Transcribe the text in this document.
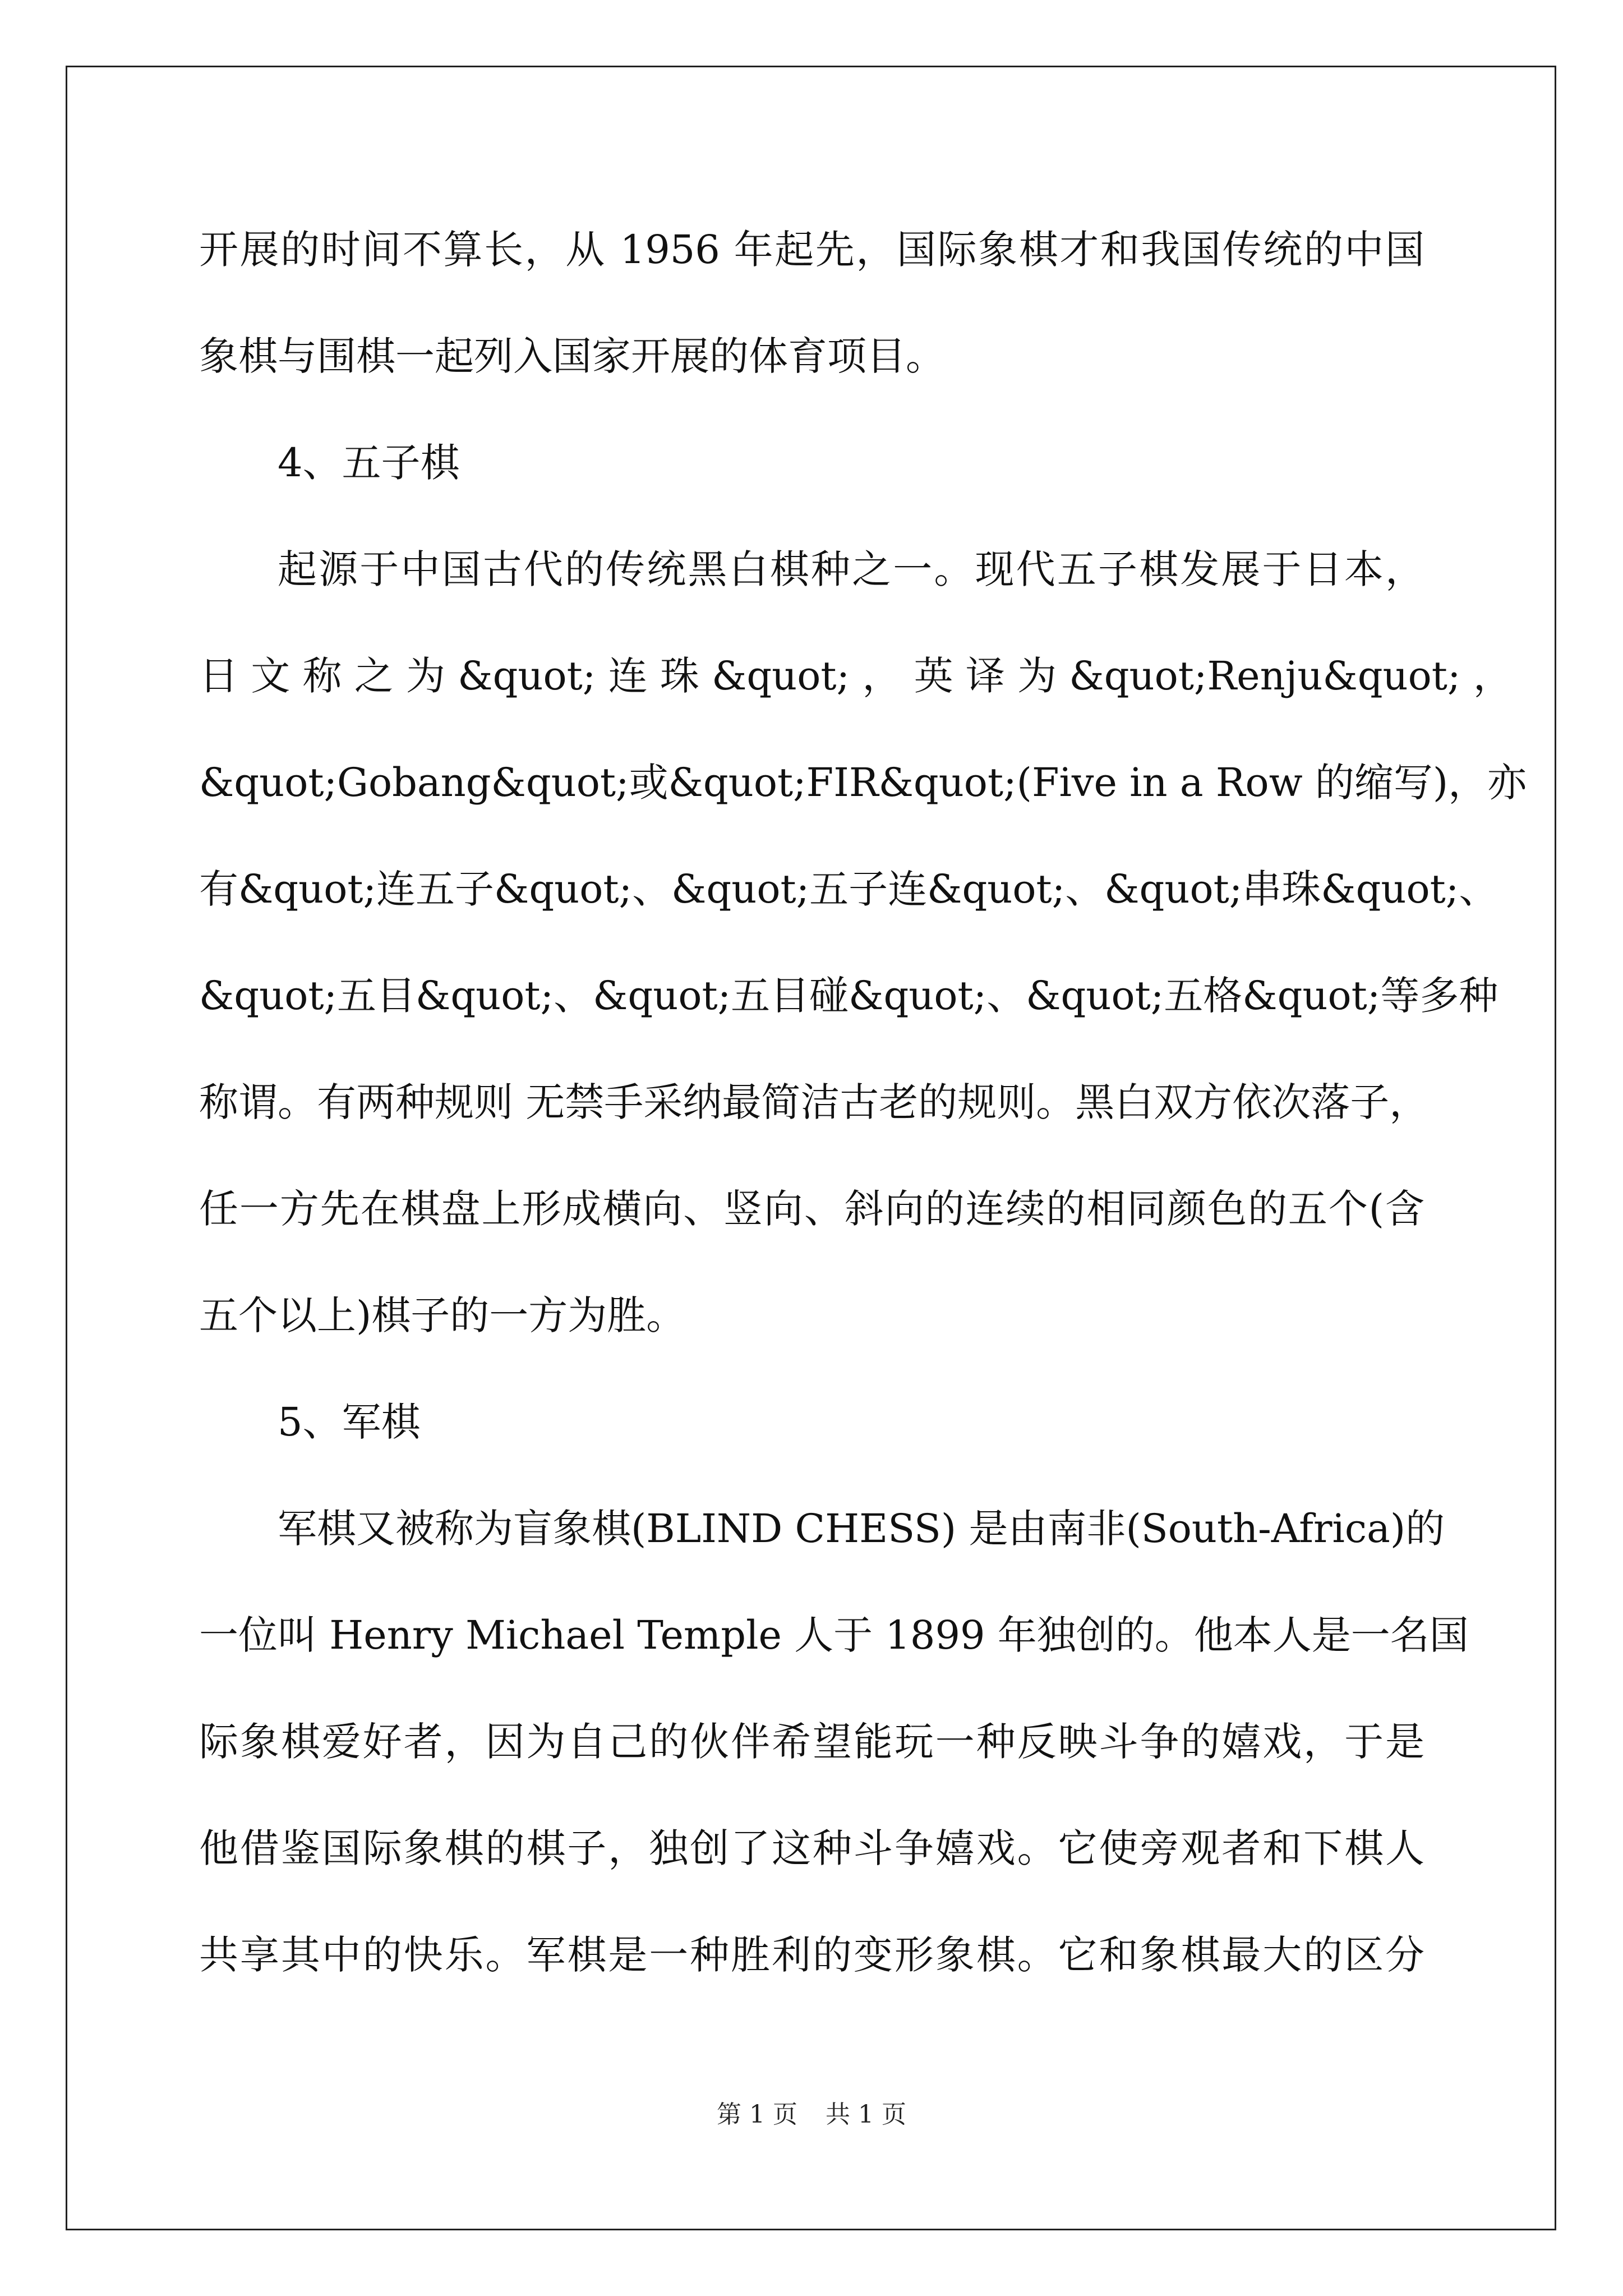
开展的时间不算长，从 1956 年起先，国际象棋才和我国传统的中国
象棋与围棋一起列入国家开展的体育项目。
4、五子棋
起源于中国古代的传统黑白棋种之一。现代五子棋发展于日本，
日 文 称 之 为 &quot; 连 珠 &quot; ， 英 译 为 &quot;Renju&quot; ，
&quot;Gobang&quot;或&quot;FIR&quot;(Five in a Row 的缩写)，亦
有&quot;连五子&quot;、&quot;五子连&quot;、&quot;串珠&quot;、
&quot;五目&quot;、&quot;五目碰&quot;、&quot;五格&quot;等多种
称谓。有两种规则 无禁手采纳最简洁古老的规则。黑白双方依次落子，
任一方先在棋盘上形成横向、竖向、斜向的连续的相同颜色的五个(含
五个以上)棋子的一方为胜。
5、军棋
军棋又被称为盲象棋(BLIND CHESS) 是由南非(South-Africa)的
一位叫 Henry Michael Temple 人于 1899 年独创的。他本人是一名国
际象棋爱好者，因为自己的伙伴希望能玩一种反映斗争的嬉戏，于是
他借鉴国际象棋的棋子，独创了这种斗争嬉戏。它使旁观者和下棋人
共享其中的快乐。军棋是一种胜利的变形象棋。它和象棋最大的区分
第 1 页 共 1 页
